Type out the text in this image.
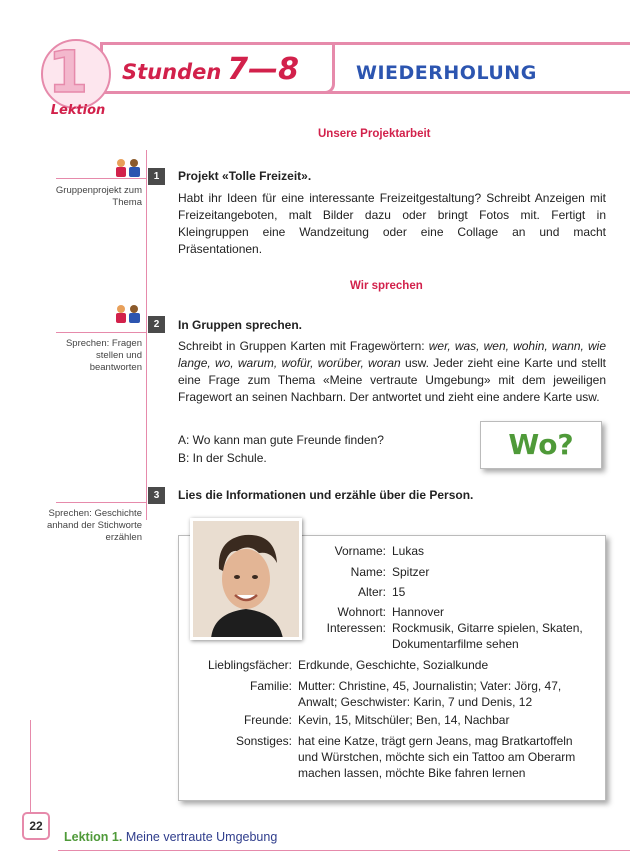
Stunden 7—8	WIEDERHOLUNG
1
Lektion
Unsere Projektarbeit
Gruppenprojekt zum Thema
1	Projekt «Tolle Freizeit».
Habt ihr Ideen für eine interessante Freizeitgestaltung? Schreibt Anzeigen mit Freizeitangeboten, malt Bilder dazu oder bringt Fotos mit. Fertigt in Kleingruppen eine Wandzeitung oder eine Collage an und macht Präsentationen.
Wir sprechen
Sprechen: Fragen stellen und beantworten
2	In Gruppen sprechen.
Schreibt in Gruppen Karten mit Fragewörtern: wer, was, wen, wohin, wann, wie lange, wo, warum, wofür, worüber, woran usw. Jeder zieht eine Karte und stellt eine Frage zum Thema «Meine vertraute Umgebung» mit dem jeweiligen Fragewort an seinen Nachbarn. Der antwortet und zieht eine andere Karte usw.
A: Wo kann man gute Freunde finden?
B: In der Schule.	Wo?
3	Lies die Informationen und erzähle über die Person.
Sprechen: Geschichte anhand der Stichworte erzählen
Vorname: Lukas
Name: Spitzer
Alter: 15
Wohnort: Hannover
Interessen: Rockmusik, Gitarre spielen, Skaten, Dokumentarfilme sehen
Lieblingsfächer: Erdkunde, Geschichte, Sozialkunde
Familie: Mutter: Christine, 45, Journalistin; Vater: Jörg, 47, Anwalt; Geschwister: Karin, 7 und Denis, 12
Freunde: Kevin, 15, Mitschüler; Ben, 14, Nachbar
Sonstiges: hat eine Katze, trägt gern Jeans, mag Bratkartoffeln und Würstchen, möchte sich ein Tattoo am Oberarm machen lassen, möchte Bike fahren lernen
22
Lektion 1. Meine vertraute Umgebung
